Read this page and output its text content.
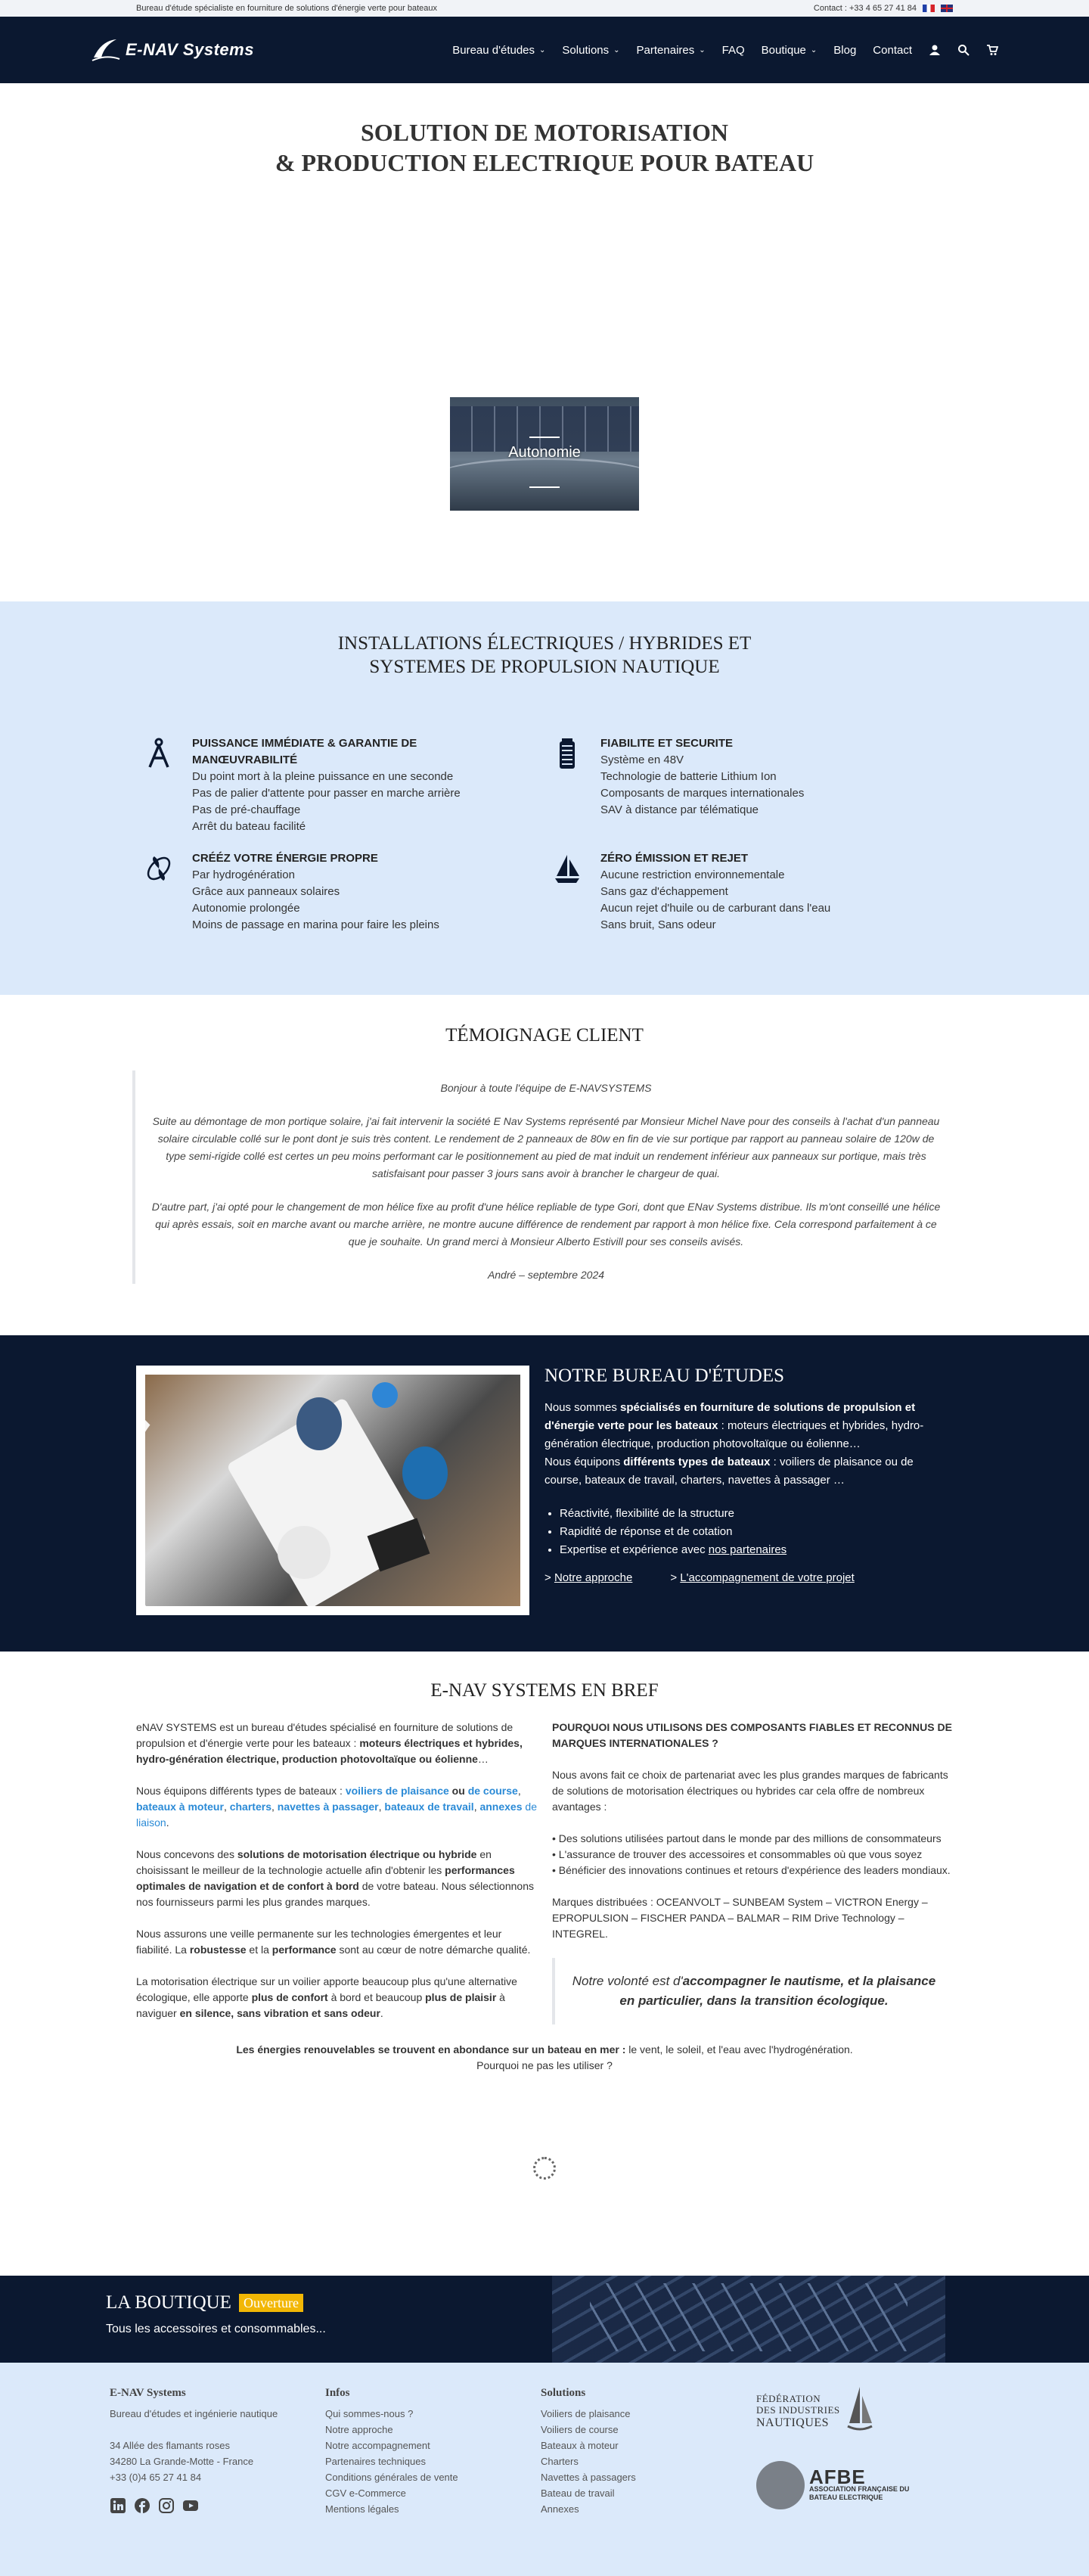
Bureau d'étude spécialiste en fourniture de solutions d'énergie verte pour bateaux	Contact : +33 4 65 27 41 84
E-NAV Systems	Bureau d'études ⌄ Solutions ⌄ Partenaires ⌄ FAQ Boutique ⌄ Blog Contact
SOLUTION DE MOTORISATION
& PRODUCTION ELECTRIQUE POUR BATEAU
Autonomie
INSTALLATIONS ÉLECTRIQUES / HYBRIDES ET
SYSTEMES DE PROPULSION NAUTIQUE
PUISSANCE IMMÉDIATE & GARANTIE DE MANŒUVRABILITÉ
Du point mort à la pleine puissance en une seconde
Pas de palier d'attente pour passer en marche arrière
Pas de pré-chauffage
Arrêt du bateau facilité
FIABILITE ET SECURITE
Système en 48V
Technologie de batterie Lithium Ion
Composants de marques internationales
SAV à distance par télématique
CRÉÉZ VOTRE ÉNERGIE PROPRE
Par hydrogénération
Grâce aux panneaux solaires
Autonomie prolongée
Moins de passage en marina pour faire les pleins
ZÉRO ÉMISSION ET REJET
Aucune restriction environnementale
Sans gaz d'échappement
Aucun rejet d'huile ou de carburant dans l'eau
Sans bruit, Sans odeur
TÉMOIGNAGE CLIENT

Bonjour à toute l'équipe de E-NAVSYSTEMS

Suite au démontage de mon portique solaire, j'ai fait intervenir la société E Nav Systems représenté par Monsieur Michel Nave pour des conseils à l'achat d'un panneau solaire circulable collé sur le pont dont je suis très content. Le rendement de 2 panneaux de 80w en fin de vie sur portique par rapport au panneau solaire de 120w de type semi-rigide collé est certes un peu moins performant car le positionnement au pied de mat induit un rendement inférieur aux panneaux sur portique, mais très satisfaisant pour passer 3 jours sans avoir à brancher le chargeur de quai.

D'autre part, j'ai opté pour le changement de mon hélice fixe au profit d'une hélice repliable de type Gori, dont que ENav Systems distribue. Ils m'ont conseillé une hélice qui après essais, soit en marche avant ou marche arrière, ne montre aucune différence de rendement par rapport à mon hélice fixe. Cela correspond parfaitement à ce que je souhaite. Un grand merci à Monsieur Alberto Estivill pour ses conseils avisés.

André – septembre 2024

NOTRE BUREAU D'ÉTUDES

Nous sommes spécialisés en fourniture de solutions de propulsion et d'énergie verte pour les bateaux : moteurs électriques et hybrides, hydro-génération électrique, production photovoltaïque ou éolienne…
Nous équipons différents types de bateaux : voiliers de plaisance ou de course, bateaux de travail, charters, navettes à passager …

• Réactivité, flexibilité de la structure
• Rapidité de réponse et de cotation
• Expertise et expérience avec nos partenaires
> Notre approche	> L'accompagnement de votre projet
E-NAV SYSTEMS EN BREF

eNAV SYSTEMS est un bureau d'études spécialisé en fourniture de solutions de propulsion et d'énergie verte pour les bateaux : moteurs électriques et hybrides, hydro-génération électrique, production photovoltaïque ou éolienne…

Nous équipons différents types de bateaux : voiliers de plaisance ou de course, bateaux à moteur, charters, navettes à passager, bateaux de travail, annexes de liaison.

Nous concevons des solutions de motorisation électrique ou hybride en choisissant le meilleur de la technologie actuelle afin d'obtenir les performances optimales de navigation et de confort à bord de votre bateau. Nous sélectionnons nos fournisseurs parmi les plus grandes marques.

Nous assurons une veille permanente sur les technologies émergentes et leur fiabilité. La robustesse et la performance sont au cœur de notre démarche qualité.

La motorisation électrique sur un voilier apporte beaucoup plus qu'une alternative écologique, elle apporte plus de confort à bord et beaucoup plus de plaisir à naviguer en silence, sans vibration et sans odeur.

POURQUOI NOUS UTILISONS DES COMPOSANTS FIABLES ET RECONNUS DE MARQUES INTERNATIONALES ?

Nous avons fait ce choix de partenariat avec les plus grandes marques de fabricants de solutions de motorisation électriques ou hybrides car cela offre de nombreux avantages :

• Des solutions utilisées partout dans le monde par des millions de consommateurs
• L'assurance de trouver des accessoires et consommables où que vous soyez
• Bénéficier des innovations continues et retours d'expérience des leaders mondiaux.

Marques distribuées : OCEANVOLT – SUNBEAM System – VICTRON Energy – EPROPULSION – FISCHER PANDA – BALMAR – RIM Drive Technology – INTEGREL.

Notre volonté est d'accompagner le nautisme, et la plaisance en particulier, dans la transition écologique.
Les énergies renouvelables se trouvent en abondance sur un bateau en mer : le vent, le soleil, et l'eau avec l'hydrogénération.
Pourquoi ne pas les utiliser ?
LA BOUTIQUE Ouverture

Tous les accessoires et consommables...

E-NAV Systems
Bureau d'études et ingénierie nautique
34 Allée des flamants roses
34280 La Grande-Motte - France
+33 (0)4 65 27 41 84
Infos
Qui sommes-nous ?
Notre approche
Notre accompagnement
Partenaires techniques
Conditions générales de vente
CGV e-Commerce
Mentions légales
Solutions
Voiliers de plaisance
Voiliers de course
Bateaux à moteur
Charters
Navettes à passagers
Bateau de travail
Annexes
FÉDÉRATION
DES INDUSTRIES
NAUTIQUES
AFBE
ASSOCIATION FRANÇAISE DU
BATEAU ELECTRIQUE
